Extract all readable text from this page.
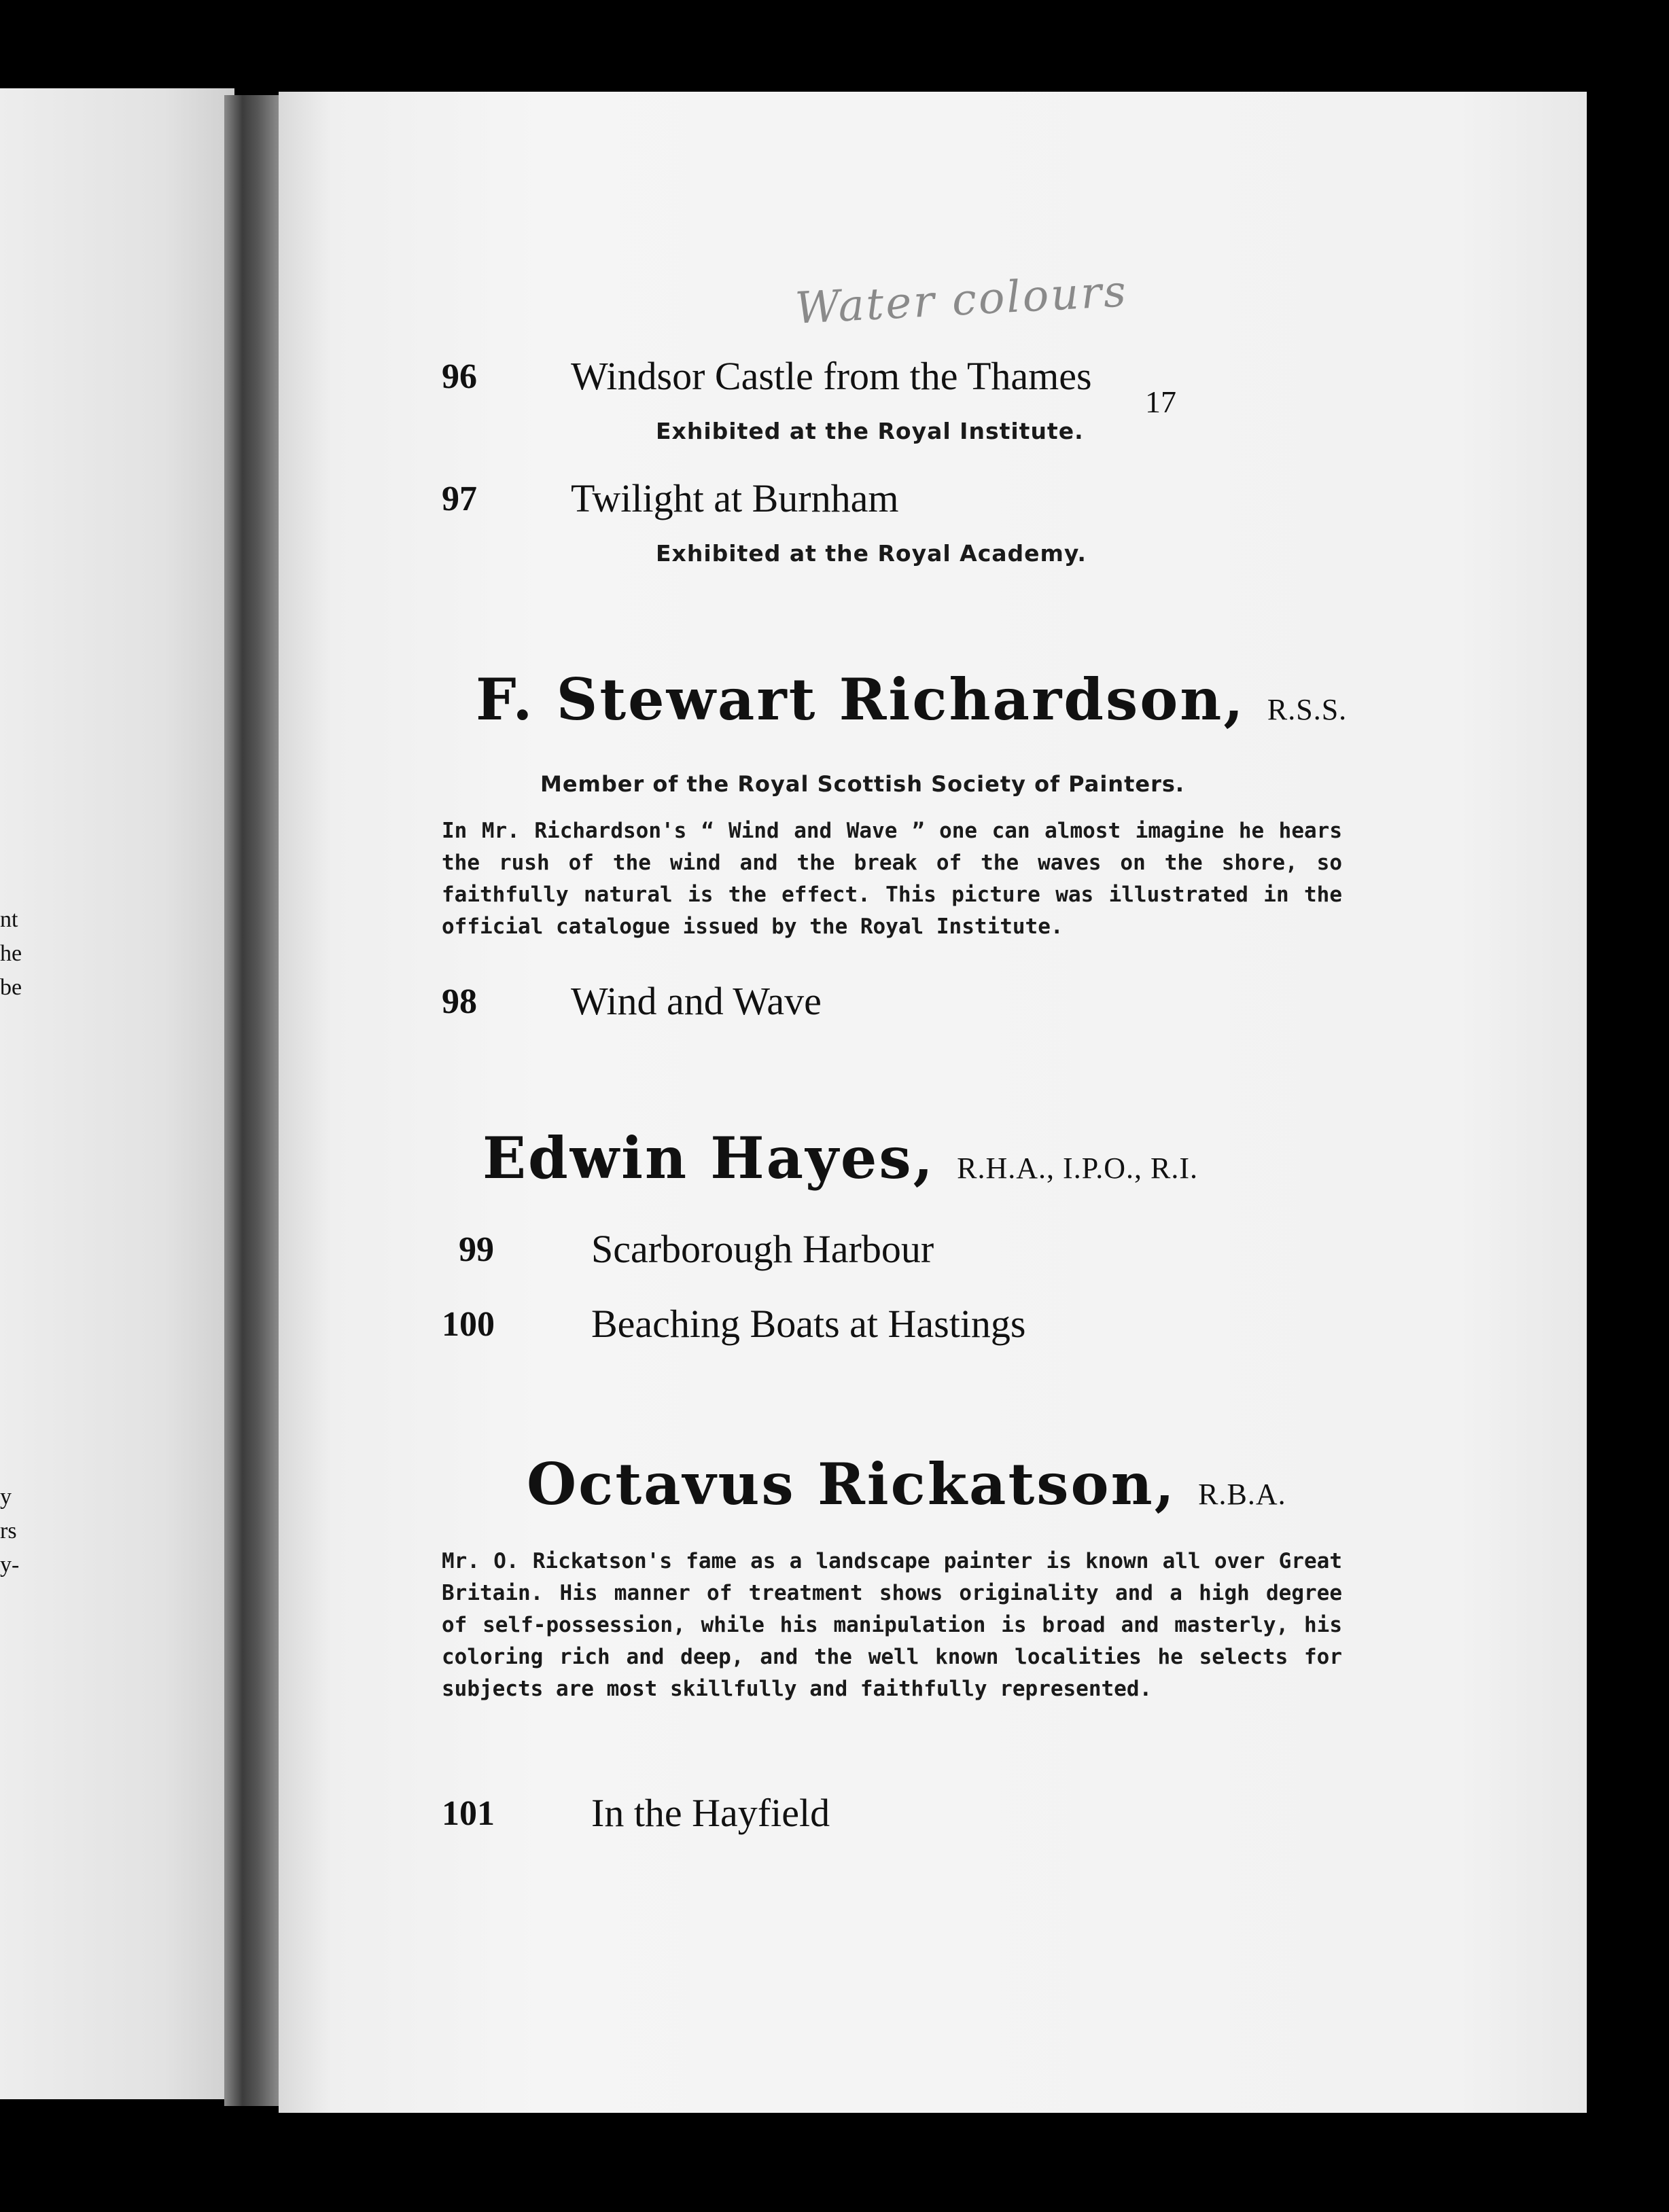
nt
he
be
y
rs
y-
Water colours
17
96 Windsor Castle from the Thames
Exhibited at the Royal Institute.
97 Twilight at Burnham
Exhibited at the Royal Academy.
F. Stewart Richardson, R.S.S.
Member of the Royal Scottish Society of Painters.
In Mr. Richardson's “ Wind and Wave ” one can almost imagine he hears the rush of the wind and the break of the waves on the shore, so faithfully natural is the effect. This picture was illustrated in the official catalogue issued by the Royal Institute.
98 Wind and Wave
Edwin Hayes, R.H.A., I.P.O., R.I.
99 Scarborough Harbour
100 Beaching Boats at Hastings
Octavus Rickatson, R.B.A.
Mr. O. Rickatson's fame as a landscape painter is known all over Great Britain. His manner of treatment shows originality and a high degree of self-possession, while his manipulation is broad and masterly, his coloring rich and deep, and the well known localities he selects for subjects are most skillfully and faithfully represented.
101 In the Hayfield
